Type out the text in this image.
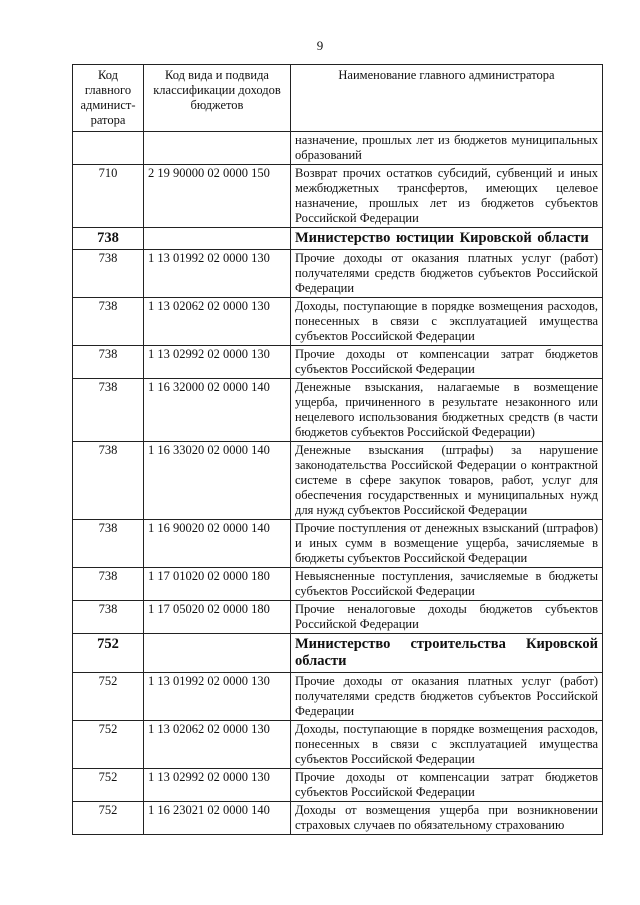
9
Код главного админист-ратора	Код вида и подвида классификации доходов бюджетов	Наименование главного администратора
		назначение, прошлых лет из бюджетов муниципальных образований
710	2 19 90000 02 0000 150	Возврат прочих остатков субсидий, субвенций и иных межбюджетных трансфертов, имеющих целевое назначение, прошлых лет из бюджетов субъектов Российской Федерации
738		Министерство юстиции Кировской области
738	1 13 01992 02 0000 130	Прочие доходы от оказания платных услуг (работ) получателями средств бюджетов субъектов Российской Федерации
738	1 13 02062 02 0000 130	Доходы, поступающие в порядке возмещения расходов, понесенных в связи с эксплуатацией имущества субъектов Российской Федерации
738	1 13 02992 02 0000 130	Прочие доходы от компенсации затрат бюджетов субъектов Российской Федерации
738	1 16 32000 02 0000 140	Денежные взыскания, налагаемые в возмещение ущерба, причиненного в результате незаконного или нецелевого использования бюджетных средств (в части бюджетов субъектов Российской Федерации)
738	1 16 33020 02 0000 140	Денежные взыскания (штрафы) за нарушение законодательства Российской Федерации о контрактной системе в сфере закупок товаров, работ, услуг для обеспечения государственных и муниципальных нужд для нужд субъектов Российской Федерации
738	1 16 90020 02 0000 140	Прочие поступления от денежных взысканий (штрафов) и иных сумм в возмещение ущерба, зачисляемые в бюджеты субъектов Российской Федерации
738	1 17 01020 02 0000 180	Невыясненные поступления, зачисляемые в бюджеты субъектов Российской Федерации
738	1 17 05020 02 0000 180	Прочие неналоговые доходы бюджетов субъектов Российской Федерации
752		Министерство строительства Кировской области
752	1 13 01992 02 0000 130	Прочие доходы от оказания платных услуг (работ) получателями средств бюджетов субъектов Российской Федерации
752	1 13 02062 02 0000 130	Доходы, поступающие в порядке возмещения расходов, понесенных в связи с эксплуатацией имущества субъектов Российской Федерации
752	1 13 02992 02 0000 130	Прочие доходы от компенсации затрат бюджетов субъектов Российской Федерации
752	1 16 23021 02 0000 140	Доходы от возмещения ущерба при возникновении страховых случаев по обязательному страхованию
